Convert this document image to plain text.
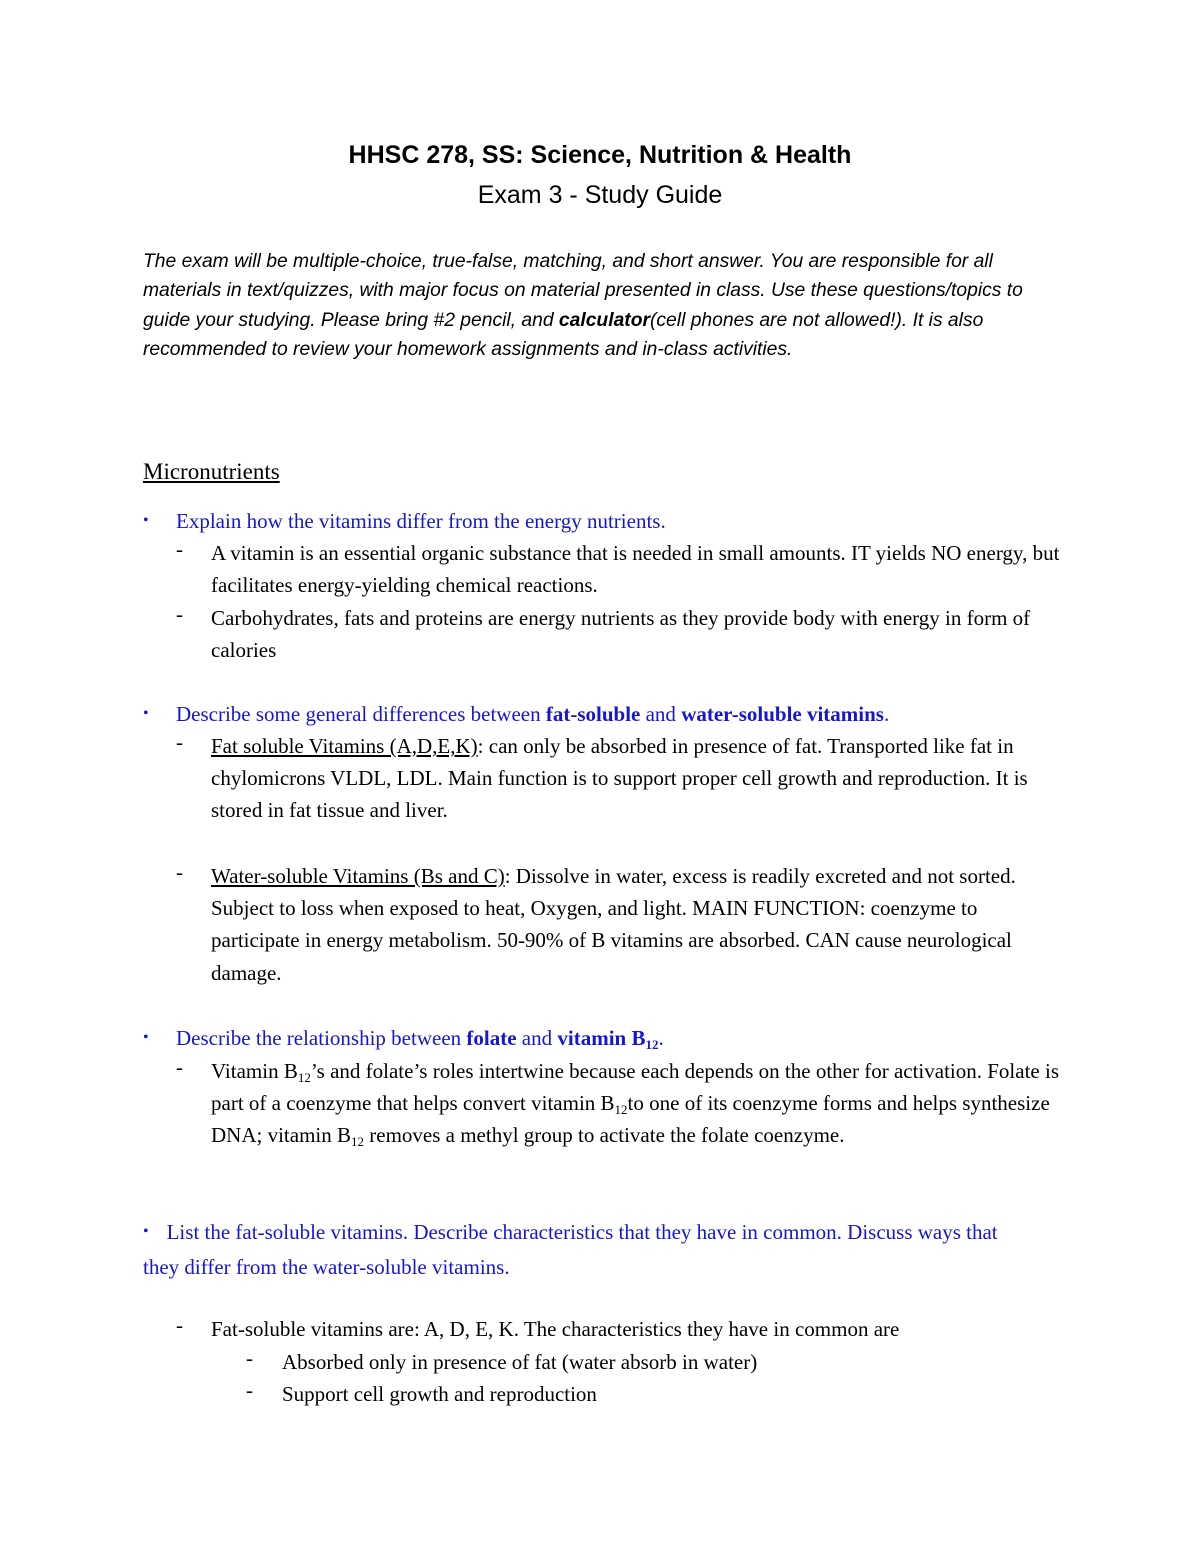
HHSC 278, SS: Science, Nutrition & Health
Exam 3 - Study Guide

The exam will be multiple-choice, true-false, matching, and short answer. You are responsible for all materials in text/quizzes, with major focus on material presented in class. Use these questions/topics to guide your studying. Please bring #2 pencil, and calculator(cell phones are not allowed!). It is also recommended to review your homework assignments and in-class activities.

Micronutrients
• Explain how the vitamins differ from the energy nutrients.
- A vitamin is an essential organic substance that is needed in small amounts. IT yields NO energy, but facilitates energy-yielding chemical reactions.

- Carbohydrates, fats and proteins are energy nutrients as they provide body with energy in form of calories

• Describe some general differences between fat-soluble and water-soluble vitamins.
- Fat soluble Vitamins (A,D,E,K): can only be absorbed in presence of fat. Transported like fat in chylomicrons VLDL, LDL. Main function is to support proper cell growth and reproduction. It is stored in fat tissue and liver.

- Water-soluble Vitamins (Bs and C): Dissolve in water, excess is readily excreted and not sorted. Subject to loss when exposed to heat, Oxygen, and light. MAIN FUNCTION: coenzyme to participate in energy metabolism. 50-90% of B vitamins are absorbed. CAN cause neurological damage.

• Describe the relationship between folate and vitamin $B_{12}$.
- Vitamin $B_{12}’s$ and folate’s roles intertwine because each depends on the other for activation. Folate is part of a coenzyme that helps convert vitamin $B_{12}to$ one of its coenzyme forms and helps synthesize DNA; vitamin $B_{12}$ removes a methyl group to activate the folate coenzyme.

• List the fat-soluble vitamins. Describe characteristics that they have in common. Discuss ways that they differ from the water-soluble vitamins.

- Fat-soluble vitamins are: A, D, E, K. The characteristics they have in common are

- Absorbed only in presence of fat (water absorb in water)

- Support cell growth and reproduction
